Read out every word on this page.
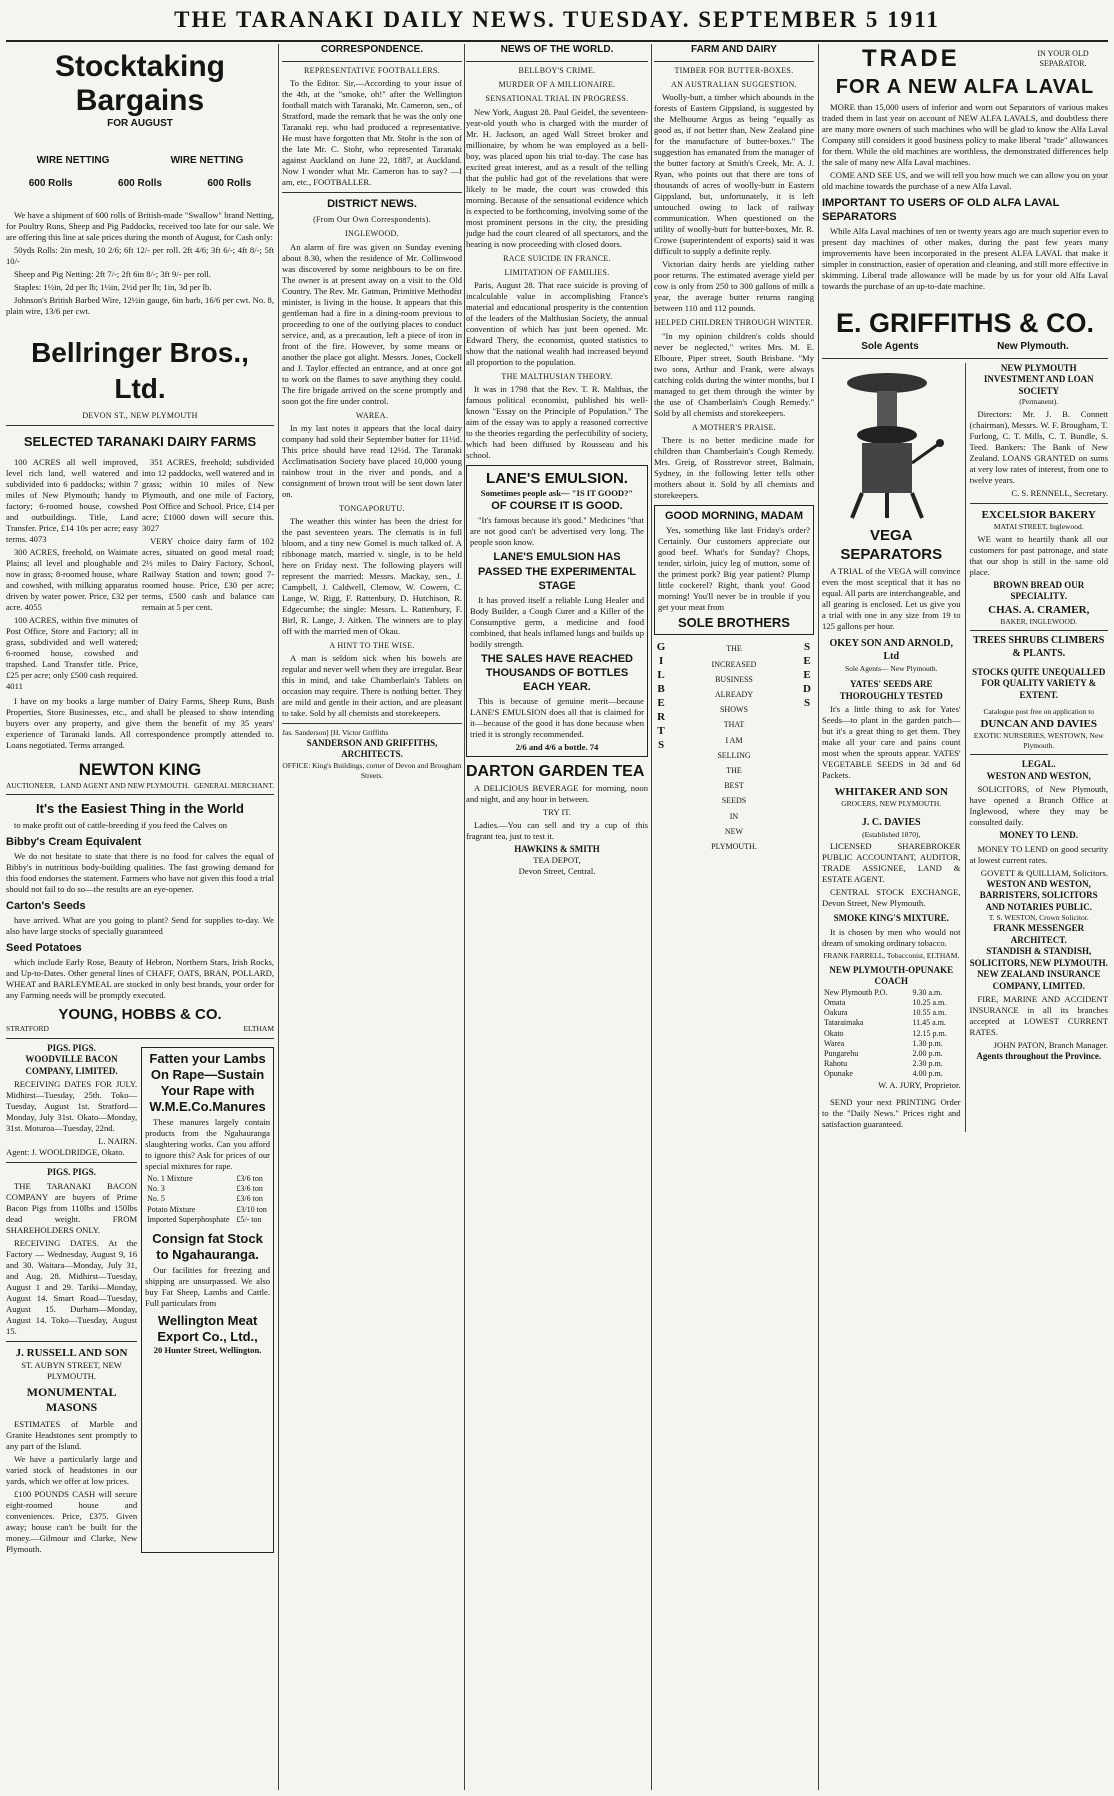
THE TARANAKI DAILY NEWS. TUESDAY. SEPTEMBER 5 1911
Stocktaking Bargains
FOR AUGUST
WIRE NETTING	WIRE NETTING
600 Rolls	600 Rolls	600 Rolls
We have a shipment of 600 rolls of British-made "Swallow" brand Netting, for Poultry Runs, Sheep and Pig Paddocks, received too late for our sale. We are offering this line at sale prices during the month of August, for Cash only:
50yds Rolls: 2in mesh, 10 2/6; 6ft 12/- per roll. 2ft 4/6; 3ft 6/-; 4ft 8/-; 5ft 10/-
Sheep and Pig Netting: 2ft 7/-; 2ft 6in 8/-; 3ft 9/- per roll.
Staples: 1½in, 2d per lb; 1½in, 2½d per lb; 1in, 3d per lb.
Johnson's British Barbed Wire, 12½in gauge, 6in barb, 16/6 per cwt. No. 8, plain wire, 13/6 per cwt.
Bellringer Bros., Ltd.
DEVON ST., NEW PLYMOUTH
SELECTED TARANAKI DAIRY FARMS
100 ACRES all well improved, level rich land, well watered and subdivided into 6 paddocks; within 7 miles of New Plymouth; handy to factory; 6-roomed house, cowshed and outbuildings. Title, Land Transfer. Price, £14 10s per acre; easy terms. 4073
300 ACRES, freehold, on Waimate Plains; all level and ploughable and now in grass; 8-roomed house, whare and cowshed, with milking apparatus driven by water power. Price, £32 per acre. 4055
100 ACRES, within five minutes of Post Office, Store and Factory; all in grass, subdivided and well watered; 6-roomed house, cowshed and trapshed. Land Transfer title. Price, £25 per acre; only £500 cash required. 4011
351 ACRES, freehold; subdivided into 12 paddocks, well watered and in grass; within 10 miles of New Plymouth, and one mile of Factory, Post Office and School. Price, £14 per acre; £1000 down will secure this. 3027
VERY choice dairy farm of 102 acres, situated on good metal road; 2½ miles to Dairy Factory, School, Railway Station and town; good 7-roomed house. Price, £30 per acre; terms, £500 cash and balance can remain at 5 per cent.
I have on my books a large number of Dairy Farms, Sheep Runs, Bush Properties, Store Businesses, etc., and shall be pleased to show intending buyers over any property, and give them the benefit of my 35 years' experience of Taranaki lands. All correspondence promptly attended to. Loans negotiated. Terms arranged.
NEWTON KING
AUCTIONEER, LAND AGENT AND NEW PLYMOUTH. GENERAL MERCHANT.
It's the Easiest Thing in the World
to make profit out of cattle-breeding if you feed the Calves on
Bibby's Cream Equivalent
We do not hesitate to state that there is no food for calves the equal of Bibby's in nutritious body-building qualities. The fast growing demand for this food endorses the statement. Farmers who have not given this food a trial should not fail to do so—the results are an eye-opener.
Carton's Seeds
have arrived. What are you going to plant? Send for supplies to-day. We also have large stocks of specially guaranteed
Seed Potatoes
which include Early Rose, Beauty of Hebron, Northern Stars, Irish Rocks, and Up-to-Dates. Other general lines of CHAFF, OATS, BRAN, POLLARD, WHEAT and BARLEYMEAL are stocked in only best brands, your order for any Farming needs will be promptly executed.
YOUNG, HOBBS & CO.
STRATFORD	ELTHAM
PIGS. PIGS.
WOODVILLE BACON COMPANY, LIMITED.
RECEIVING DATES FOR JULY. Midhirst—Tuesday, 25th. Toko—Tuesday, August 1st. Stratford—Monday, July 31st. Okato—Monday, 31st. Moturoa—Tuesday, 22nd.
L. NAIRN.
Agent: J. WOOLDRIDGE, Okato.
PIGS. PIGS.
THE TARANAKI BACON COMPANY are buyers of Prime Bacon Pigs from 110lbs and 150lbs dead weight. FROM SHAREHOLDERS ONLY.
RECEIVING DATES. At the Factory — Wednesday, August 9, 16 and 30. Waitara—Monday, July 31, and Aug. 28. Midhirst—Tuesday, August 1 and 29. Tariki—Monday, August 14. Smart Road—Tuesday, August 15. Durham—Monday, August 14. Toko—Tuesday, August 15.
J. RUSSELL AND SON
ST. AUBYN STREET, NEW PLYMOUTH.
MONUMENTAL MASONS
ESTIMATES of Marble and Granite Headstones sent promptly to any part of the Island.
We have a particularly large and varied stock of headstones in our yards, which we offer at low prices.
£100 POUNDS CASH will secure eight-roomed house and conveniences. Price, £375. Given away; house can't be built for the money.—Gilmour and Clarke, New Plymouth.
Fatten your Lambs On Rape—Sustain Your Rape with W.M.E.Co.Manures
These manures largely contain products from the Ngahauranga slaughtering works. Can you afford to ignore this? Ask for prices of our special mixtures for rape.
No. 1 Mixture	£3/6 ton
No. 3	£3/6 ton
No. 5	£3/6 ton
Potato Mixture	£3/10 ton
Imported Superphosphate	£5/- ton
Consign fat Stock to Ngahauranga.
Our facilities for freezing and shipping are unsurpassed. We also buy Fat Sheep, Lambs and Cattle. Full particulars from
Wellington Meat Export Co., Ltd.,
20 Hunter Street, Wellington.
CORRESPONDENCE.
REPRESENTATIVE FOOTBALLERS.
To the Editor. Sir,—According to your issue of the 4th, at the "smoke, oh!" after the Wellington football match with Taranaki, Mr. Cameron, sen., of Stratford, made the remark that he was the only one Taranaki rep. who had produced a representative. He must have forgotten that Mr. Stohr is the son of the late Mr. C. Stohr, who represented Taranaki against Auckland on June 22, 1887, at Auckland. Now I wonder what Mr. Cameron has to say? —I am, etc., FOOTBALLER.
DISTRICT NEWS.
(From Our Own Correspondents).
INGLEWOOD.
An alarm of fire was given on Sunday evening about 8.30, when the residence of Mr. Collinwood was discovered by some neighbours to be on fire. The owner is at present away on a visit to the Old Country. The Rev. Mr. Gatman, Primitive Methodist minister, is living in the house. It appears that this gentleman had a fire in a dining-room previous to proceeding to one of the outlying places to conduct service, and, as a precaution, left a piece of iron in front of the fire. However, by some means or another the place got alight. Messrs. Jones, Cockell and J. Taylor effected an entrance, and at once got to work on the flames to save anything they could. The fire brigade arrived on the scene promptly and soon got the fire under control.
WAREA.
In my last notes it appears that the local dairy company had sold their September butter for 11½d. This price should have read 12½d. The Taranaki Acclimatisation Society have placed 10,000 young rainbow trout in the river and ponds, and a consignment of brown trout will be sent down later on.
TONGAPORUTU.
The weather this winter has been the driest for the past seventeen years. The clematis is in full bloom, and a tiny new Gomel is much talked of. A ribbonage match, married v. single, is to be held here on Friday next. The following players will represent the married: Messrs. Mackay, sen., J. Campbell, J. Caldwell, Clemow, W. Cowern, C. Lange, W. Rigg, F. Rattenbury, D. Hutchison, R. Edgecumbe; the single: Messrs. L. Rattenbury, F. Birl, R. Lange, J. Aitken. The winners are to play off with the married men of Okau.
A HINT TO THE WISE.
A man is seldom sick when his bowels are regular and never well when they are irregular. Bear this in mind, and take Chamberlain's Tablets on occasion may require. There is nothing better. They are mild and gentle in their action, and are pleasant to take. Sold by all chemists and storekeepers.
Jas. Sanderson] [H. Victor Griffiths
SANDERSON AND GRIFFITHS, ARCHITECTS.
OFFICE: King's Buildings, corner of Devon and Brougham Streets.
NEWS OF THE WORLD.
BELLBOY'S CRIME.
MURDER OF A MILLIONAIRE.
SENSATIONAL TRIAL IN PROGRESS.
New York, August 28. Paul Geidel, the seventeen-year-old youth who is charged with the murder of Mr. H. Jackson, an aged Wall Street broker and millionaire, by whom he was employed as a bell-boy, was placed upon his trial to-day. The case has excited great interest, and as a result of the telling that the public had got of the revelations that were likely to be made, the court was crowded this morning. Because of the sensational evidence which is expected to be forthcoming, involving some of the most prominent persons in the city, the presiding judge had the court cleared of all spectators, and the hearing is now proceeding with closed doors.
RACE SUICIDE IN FRANCE.
LIMITATION OF FAMILIES.
Paris, August 28. That race suicide is proving of incalculable value in accomplishing France's material and educational prosperity is the contention of the leaders of the Malthusian Society, the annual convention of which has just been opened. Mr. Edward Thery, the economist, quoted statistics to show that the national wealth had increased beyond all proportion to the population.
THE MALTHUSIAN THEORY.
It was in 1798 that the Rev. T. R. Malthus, the famous political economist, published his well-known "Essay on the Principle of Population." The aim of the essay was to apply a reasoned corrective to the theories regarding the perfectibility of society, which had been diffused by Rousseau and his school.
LANE'S EMULSION.
Sometimes people ask— "IS IT GOOD?"
OF COURSE IT IS GOOD.
"It's famous because it's good." Medicines "that are not good can't be advertised very long. The people soon know.
LANE'S EMULSION HAS PASSED THE EXPERIMENTAL STAGE
It has proved itself a reliable Lung Healer and Body Builder, a Cough Curer and a Killer of the Consumptive germ, a medicine and food combined, that heals inflamed lungs and builds up bodily strength.
THE SALES HAVE REACHED THOUSANDS OF BOTTLES EACH YEAR.
This is because of genuine merit—because LANE'S EMULSION does all that is claimed for it—because of the good it has done because when tried it is strongly recommended.
2/6 and 4/6 a bottle. 74
DARTON GARDEN TEA
A DELICIOUS BEVERAGE for morning, noon and night, and any hour in between.
TRY IT.
Ladies.—You can sell and try a cup of this fragrant tea, just to test it.
HAWKINS & SMITH
TEA DEPOT,
Devon Street, Central.
FARM AND DAIRY
TIMBER FOR BUTTER-BOXES.
AN AUSTRALIAN SUGGESTION.
Woolly-butt, a timber which abounds in the forests of Eastern Gippsland, is suggested by the Melbourne Argus as being "equally as good as, if not better than, New Zealand pine for the manufacture of butter-boxes." The suggestion has emanated from the manager of the butter factory at Smith's Creek, Mr. A. J. Ryan, who points out that there are tons of thousands of acres of woolly-butt in Eastern Gippsland, but, unfortunately, it is left untouched owing to lack of railway communication. When questioned on the utility of woolly-butt for butter-boxes, Mr. R. Crowe (superintendent of exports) said it was difficult to supply a definite reply.
Victorian dairy herds are yielding rather poor returns. The estimated average yield per cow is only from 250 to 300 gallons of milk a year, the average butter returns ranging between 110 and 112 pounds.
HELPED CHILDREN THROUGH WINTER.
"In my opinion children's colds should never be neglected," writes Mrs. M. E. Elboure, Piper street, South Brisbane. "My two sons, Arthur and Frank, were always catching colds during the winter months, but I managed to get them through the winter by the use of Chamberlain's Cough Remedy." Sold by all chemists and storekeepers.
A MOTHER'S PRAISE.
There is no better medicine made for children than Chamberlain's Cough Remedy. Mrs. Greig, of Rosstrevor street, Balmain, Sydney, in the following letter tells other mothers about it. Sold by all chemists and storekeepers.
GOOD MORNING, MADAM
Yes, something like last Friday's order? Certainly. Our customers appreciate our good beef. What's for Sunday? Chops, tender, sirloin, juicy leg of mutton, some of the primest pork? Big year patient? Plump little cockerel? Right, thank you! Good morning! You'll never be in trouble if you get your meat from
SOLE BROTHERS
GILBERTS	THE
INCREASED
BUSINESS
ALREADY
SHOWS
THAT
I AM
SELLING
THE
BEST
SEEDS
IN
NEW
PLYMOUTH.
SEEDS
TRADE	IN YOUR OLD SEPARATOR.
FOR A NEW ALFA LAVAL
MORE than 15,000 users of inferior and worn out Separators of various makes traded them in last year on account of NEW ALFA LAVALS, and doubtless there are many more owners of such machines who will be glad to know the Alfa Laval Company still considers it good business policy to make liberal "trade" allowances for them. While the old machines are worthless, the demonstrated differences help the sale of many new Alfa Laval machines.
COME AND SEE US, and we will tell you how much we can allow you on your old machine towards the purchase of a new Alfa Laval.
IMPORTANT TO USERS OF OLD ALFA LAVAL SEPARATORS
While Alfa Laval machines of ten or twenty years ago are much superior even to present day machines of other makes, during the past few years many improvements have been incorporated in the present ALFA LAVAL that make it simpler in construction, easier of operation and cleaning, and still more effective in skimming. Liberal trade allowance will be made by us for your old Alfa Laval towards the purchase of an up-to-date machine.
E. GRIFFITHS & CO.
Sole Agents	New Plymouth.
VEGA SEPARATORS
A TRIAL of the VEGA will convince even the most sceptical that it has no equal. All parts are interchangeable, and all gearing is enclosed. Let us give you a trial with one in any size from 19 to 125 gallons per hour.
OKEY SON AND ARNOLD, Ltd
Sole Agents— New Plymouth.
YATES' SEEDS ARE THOROUGHLY TESTED
It's a little thing to ask for Yates' Seeds—to plant in the garden patch—but it's a great thing to get them. They make all your care and pains count most when the sprouts appear. YATES' VEGETABLE SEEDS in 3d and 6d Packets.
WHITAKER AND SON
GROCERS, NEW PLYMOUTH.
J. C. DAVIES
(Established 1870),
LICENSED SHAREBROKER PUBLIC ACCOUNTANT, AUDITOR, TRADE ASSIGNEE, LAND & ESTATE AGENT.
CENTRAL STOCK EXCHANGE, Devon Street, New Plymouth.
SMOKE KING'S MIXTURE.
It is chosen by men who would not dream of smoking ordinary tobacco.
FRANK FARRELL, Tobacconist, ELTHAM.
NEW PLYMOUTH-OPUNAKE COACH
New Plymouth P.O.	9.30 a.m.
Omata	10.25 a.m.
Oakura	10.55 a.m.
Tataraimaka	11.45 a.m.
Okato	12.15 p.m.
Warea	1.30 p.m.
Pungarehu	2.00 p.m.
Rahotu	2.30 p.m.
Opunake	4.00 p.m.
W. A. JURY, Proprietor.
SEND your next PRINTING Order to the "Daily News." Prices right and satisfaction guaranteed.
NEW PLYMOUTH INVESTMENT AND LOAN SOCIETY
(Permanent).
Directors: Mr. J. B. Connett (chairman), Messrs. W. F. Brougham, T. Furlong, C. T. Mills, C. T. Bundle, S. Teed. Bankers: The Bank of New Zealand. LOANS GRANTED on sums at very low rates of interest, from one to twelve years.
C. S. RENNELL, Secretary.
EXCELSIOR BAKERY
MATAI STREET, Inglewood.
WE want to heartily thank all our customers for past patronage, and state that our shop is still in the same old place.
BROWN BREAD OUR SPECIALITY.
CHAS. A. CRAMER,
BAKER, INGLEWOOD.
TREES SHRUBS CLIMBERS & PLANTS.
STOCKS QUITE UNEQUALLED FOR QUALITY VARIETY & EXTENT.
Catalogue post free on application to
DUNCAN AND DAVIES
EXOTIC NURSERIES, WESTOWN, New Plymouth.
LEGAL.
WESTON AND WESTON,
SOLICITORS, of New Plymouth, have opened a Branch Office at Inglewood, where they may be consulted daily.
MONEY TO LEND.
MONEY TO LEND on good security at lowest current rates.
GOVETT & QUILLIAM, Solicitors.
WESTON AND WESTON, BARRISTERS, SOLICITORS AND NOTARIES PUBLIC.
T. S. WESTON, Crown Solicitor.
FRANK MESSENGER ARCHITECT.
STANDISH & STANDISH, SOLICITORS, NEW PLYMOUTH.
NEW ZEALAND INSURANCE COMPANY, LIMITED.
FIRE, MARINE AND ACCIDENT INSURANCE in all its branches accepted at LOWEST CURRENT RATES.
JOHN PATON, Branch Manager.
Agents throughout the Province.
